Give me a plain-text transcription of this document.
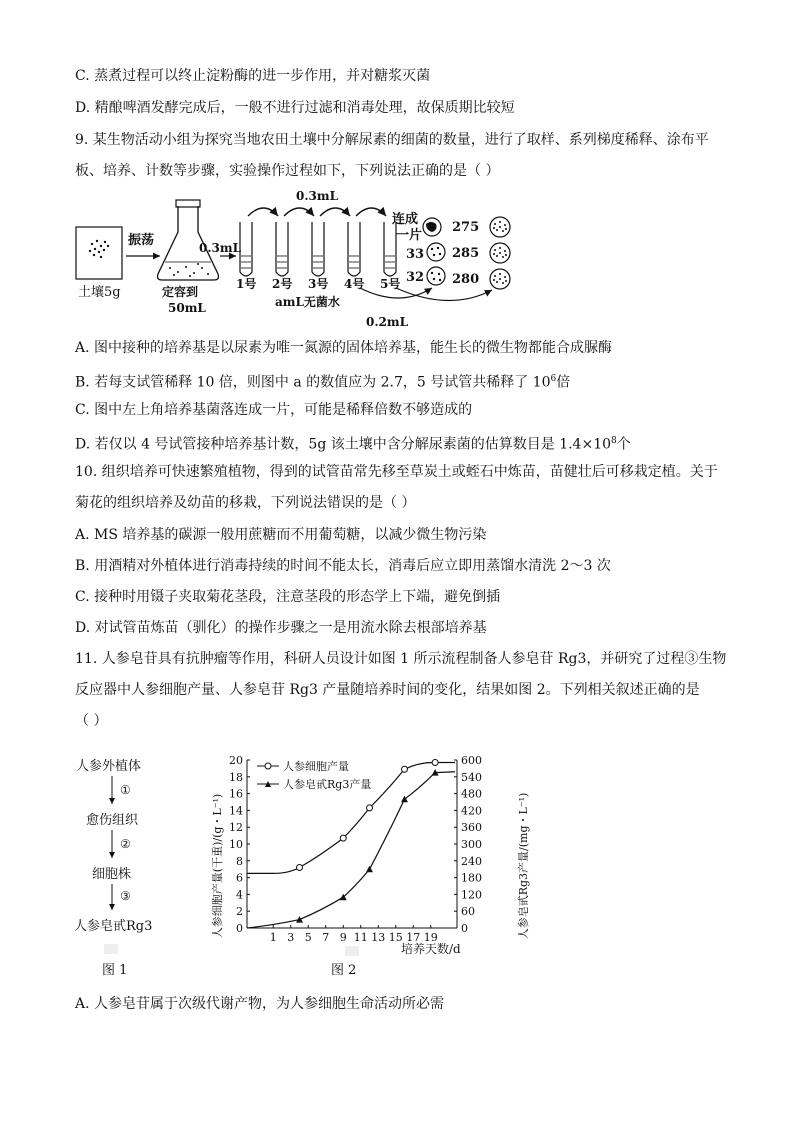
C. 蒸煮过程可以终止淀粉酶的进一步作用，并对糖浆灭菌
D. 精酿啤酒发酵完成后，一般不进行过滤和消毒处理，故保质期比较短
9. 某生物活动小组为探究当地农田土壤中分解尿素的细菌的数量，进行了取样、系列梯度稀释、涂布平
板、培养、计数等步骤，实验操作过程如下，下列说法正确的是（ ）
土壤5g
振荡
定容到
50mL
0.3mL
1号 2号 3号 4号 5号
amL无菌水
0.3mL
0.2mL
连成
一片
33
32
275
285
280
A. 图中接种的培养基是以尿素为唯一氮源的固体培养基，能生长的微生物都能合成脲酶
B. 若每支试管稀释 10 倍，则图中 a 的数值应为 2.7，5 号试管共稀释了 $10^6$倍
C. 图中左上角培养基菌落连成一片，可能是稀释倍数不够造成的
D. 若仅以 4 号试管接种培养基计数，5g 该土壤中含分解尿素菌的估算数目是 $1.4\times 10^8$个
10. 组织培养可快速繁殖植物，得到的试管苗常先移至草炭土或蛭石中炼苗，苗健壮后可移栽定植。关于
菊花的组织培养及幼苗的移栽，下列说法错误的是（ ）
A. MS 培养基的碳源一般用蔗糖而不用葡萄糖，以减少微生物污染
B. 用酒精对外植体进行消毒持续的时间不能太长，消毒后应立即用蒸馏水清洗 2～3 次
C. 接种时用镊子夹取菊花茎段，注意茎段的形态学上下端，避免倒插
D. 对试管苗炼苗（驯化）的操作步骤之一是用流水除去根部培养基
11. 人参皂苷具有抗肿瘤等作用，科研人员设计如图 1 所示流程制备人参皂苷 Rg3，并研究了过程③生物
反应器中人参细胞产量、人参皂苷 Rg3 产量随培养时间的变化，结果如图 2。下列相关叙述正确的是
（ ）
人参外植体
①
愈伤组织
②
细胞株
③
人参皂甙Rg3
图 1
1 3 5 7 9 11 13 15 17 19
0
2
4
6
8
10
12
14
16
18
20
0
60
120
180
240
300
360
420
480
540
600
人参细胞产量
人参皂甙Rg3产量
人参细胞产量(干重)/(g・L⁻¹)	人参皂甙Rg3产量/(mg・L⁻¹)
培养天数/d
图 2
A. 人参皂苷属于次级代谢产物，为人参细胞生命活动所必需
